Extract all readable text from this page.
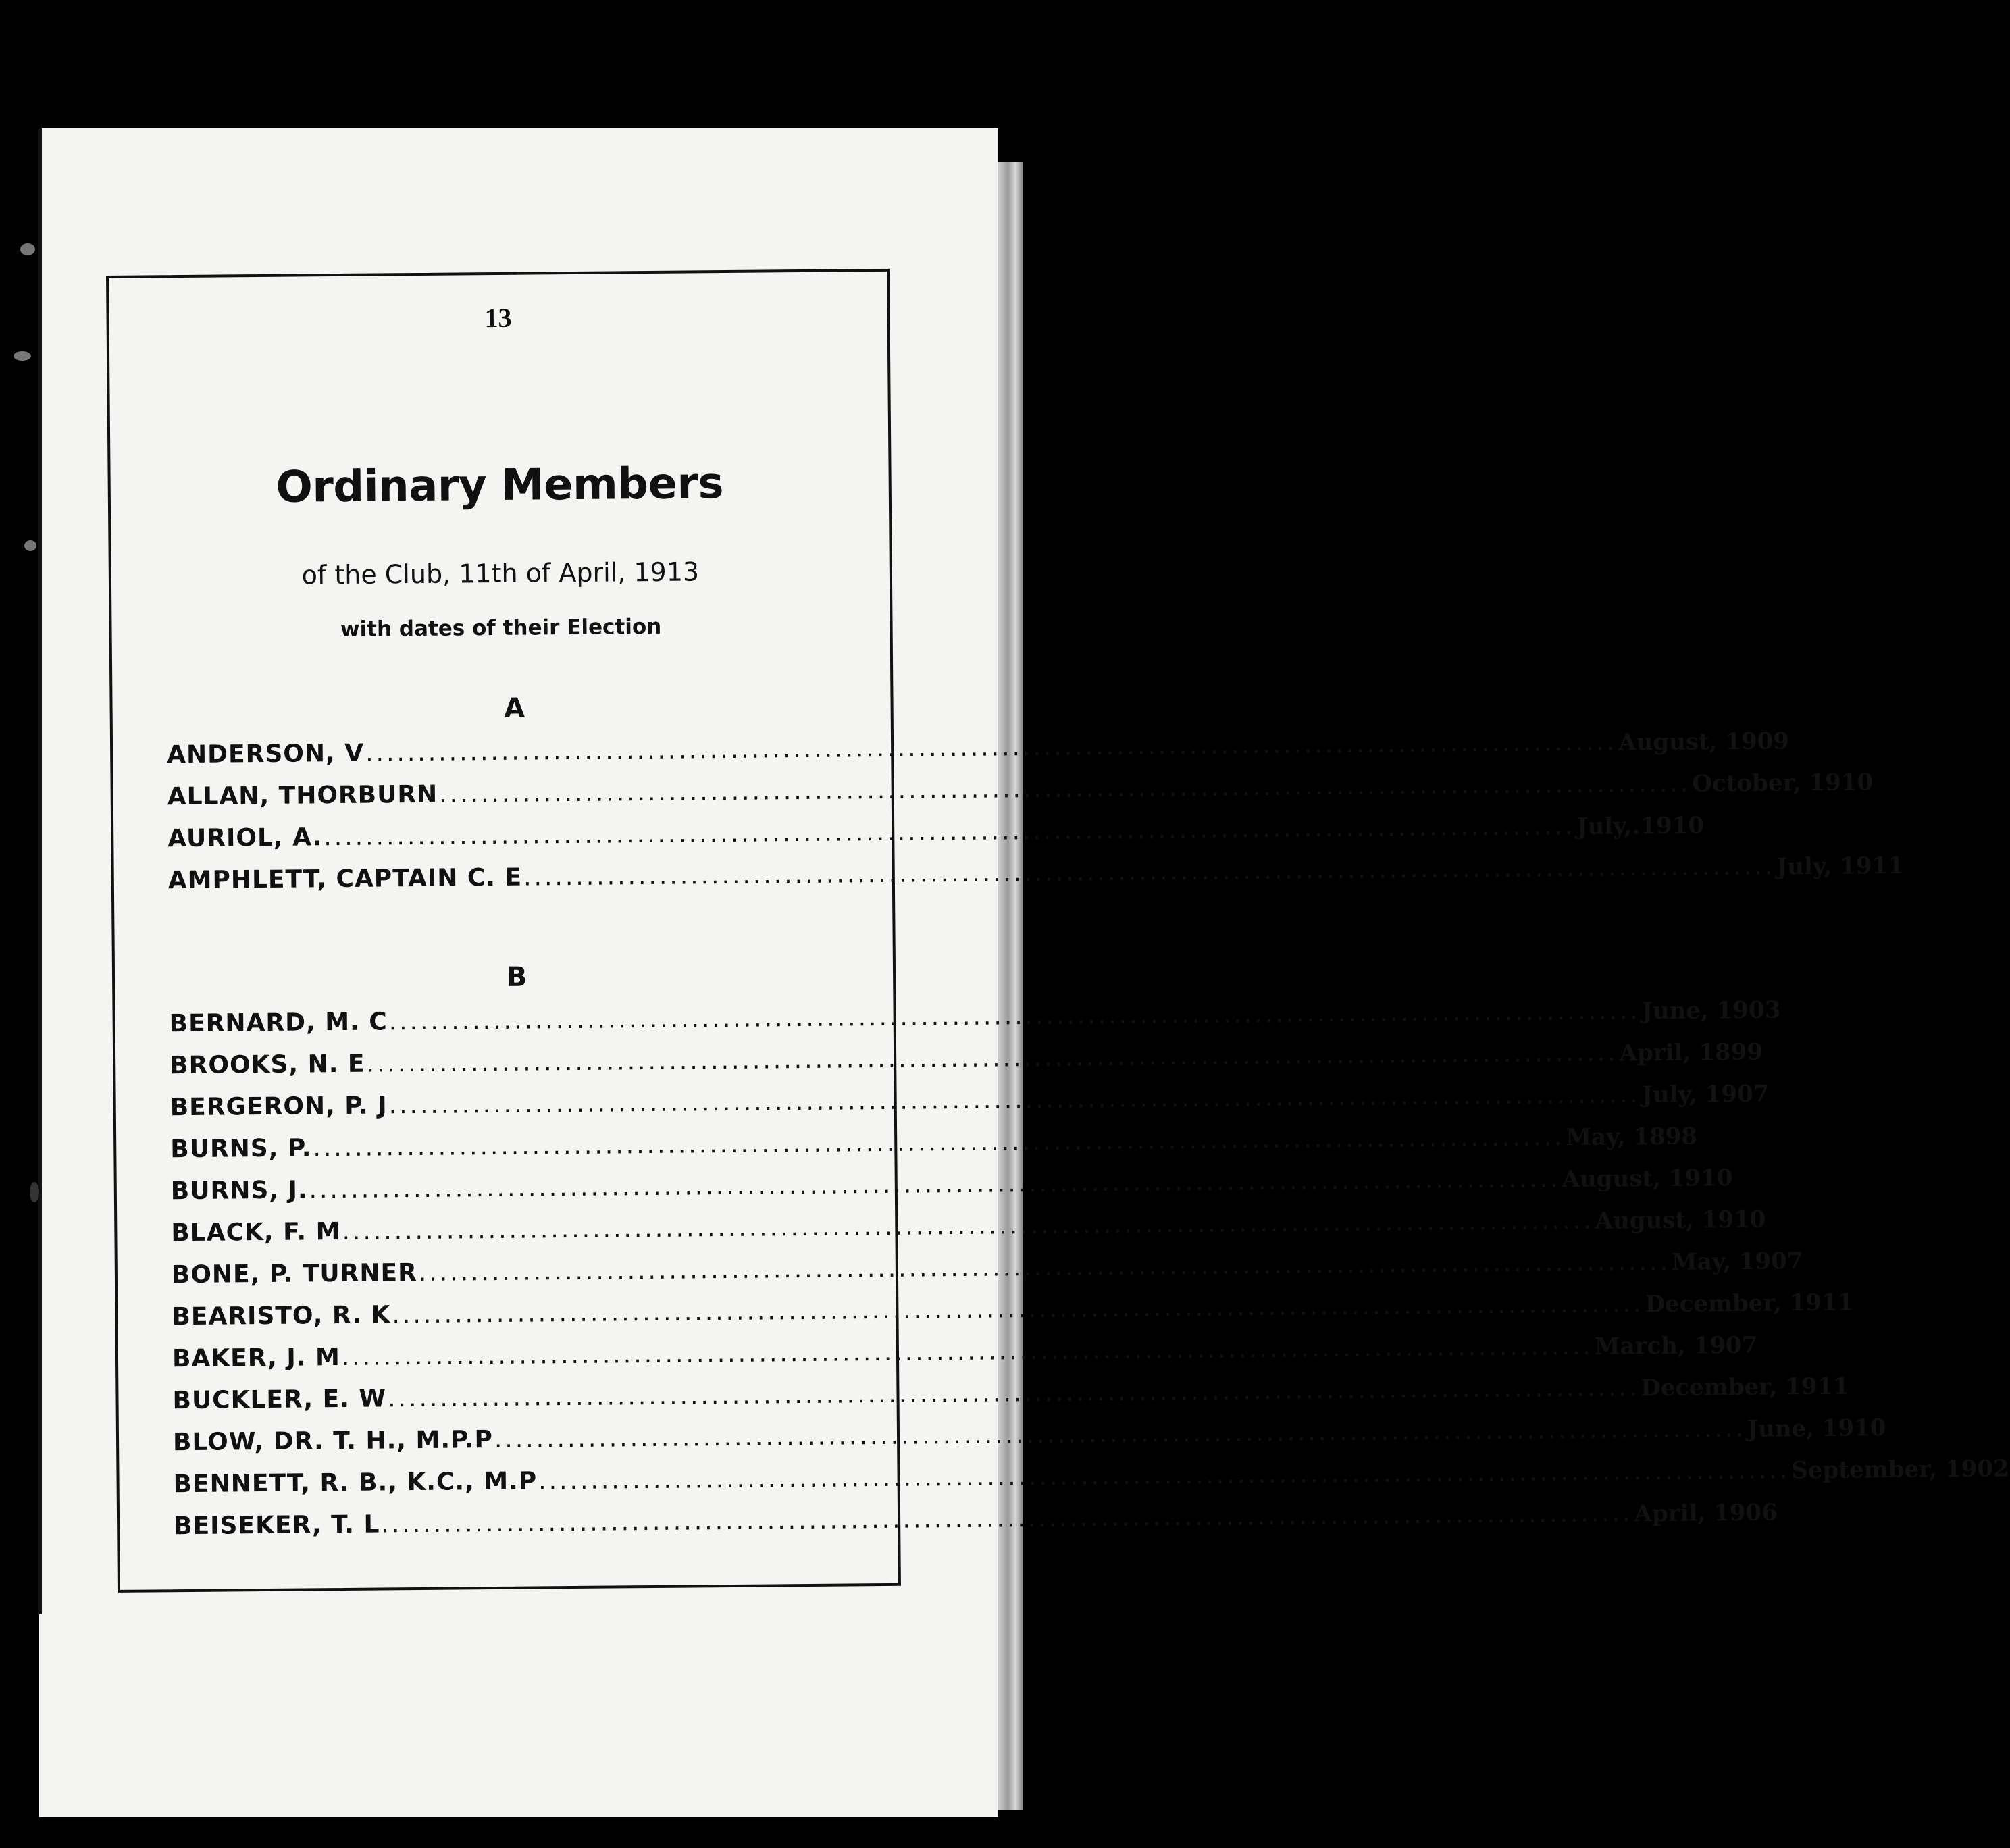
13
Ordinary Members
of the Club, 11th of April, 1913
with dates of their Election
A
ANDERSON, V ........................................................................................................................ August, 1909
ALLAN, THORBURN ........................................................................................................................ October, 1910
AURIOL, A. ........................................................................................................................ July,.1910
AMPHLETT, CAPTAIN C. E ........................................................................................................................ July, 1911
B
BERNARD, M. C ........................................................................................................................ June, 1903
BROOKS, N. E ........................................................................................................................ April, 1899
BERGERON, P. J ........................................................................................................................ July, 1907
BURNS, P. ........................................................................................................................ May, 1898
BURNS, J. ........................................................................................................................ August, 1910
BLACK, F. M ........................................................................................................................ August, 1910
BONE, P. TURNER ........................................................................................................................ May, 1907
BEARISTO, R. K ........................................................................................................................ December, 1911
BAKER, J. M ........................................................................................................................ March, 1907
BUCKLER, E. W ........................................................................................................................ December, 1911
BLOW, DR. T. H., M.P.P ........................................................................................................................ June, 1910
BENNETT, R. B., K.C., M.P ........................................................................................................................ September, 1902
BEISEKER, T. L ........................................................................................................................ April, 1906
